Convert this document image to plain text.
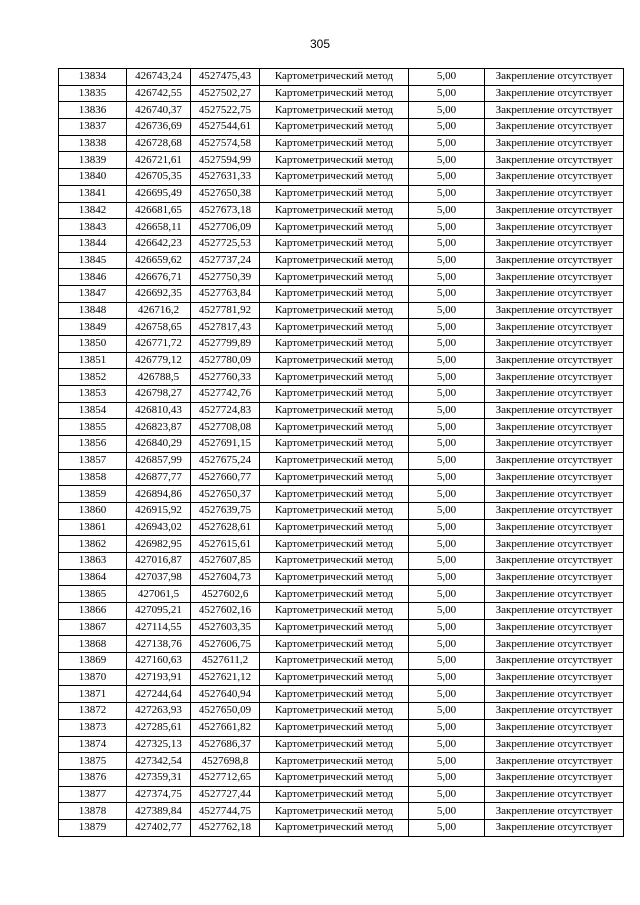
305
13834	426743,24	4527475,43	Картометрический метод	5,00	Закрепление отсутствует
13835	426742,55	4527502,27	Картометрический метод	5,00	Закрепление отсутствует
13836	426740,37	4527522,75	Картометрический метод	5,00	Закрепление отсутствует
13837	426736,69	4527544,61	Картометрический метод	5,00	Закрепление отсутствует
13838	426728,68	4527574,58	Картометрический метод	5,00	Закрепление отсутствует
13839	426721,61	4527594,99	Картометрический метод	5,00	Закрепление отсутствует
13840	426705,35	4527631,33	Картометрический метод	5,00	Закрепление отсутствует
13841	426695,49	4527650,38	Картометрический метод	5,00	Закрепление отсутствует
13842	426681,65	4527673,18	Картометрический метод	5,00	Закрепление отсутствует
13843	426658,11	4527706,09	Картометрический метод	5,00	Закрепление отсутствует
13844	426642,23	4527725,53	Картометрический метод	5,00	Закрепление отсутствует
13845	426659,62	4527737,24	Картометрический метод	5,00	Закрепление отсутствует
13846	426676,71	4527750,39	Картометрический метод	5,00	Закрепление отсутствует
13847	426692,35	4527763,84	Картометрический метод	5,00	Закрепление отсутствует
13848	426716,2	4527781,92	Картометрический метод	5,00	Закрепление отсутствует
13849	426758,65	4527817,43	Картометрический метод	5,00	Закрепление отсутствует
13850	426771,72	4527799,89	Картометрический метод	5,00	Закрепление отсутствует
13851	426779,12	4527780,09	Картометрический метод	5,00	Закрепление отсутствует
13852	426788,5	4527760,33	Картометрический метод	5,00	Закрепление отсутствует
13853	426798,27	4527742,76	Картометрический метод	5,00	Закрепление отсутствует
13854	426810,43	4527724,83	Картометрический метод	5,00	Закрепление отсутствует
13855	426823,87	4527708,08	Картометрический метод	5,00	Закрепление отсутствует
13856	426840,29	4527691,15	Картометрический метод	5,00	Закрепление отсутствует
13857	426857,99	4527675,24	Картометрический метод	5,00	Закрепление отсутствует
13858	426877,77	4527660,77	Картометрический метод	5,00	Закрепление отсутствует
13859	426894,86	4527650,37	Картометрический метод	5,00	Закрепление отсутствует
13860	426915,92	4527639,75	Картометрический метод	5,00	Закрепление отсутствует
13861	426943,02	4527628,61	Картометрический метод	5,00	Закрепление отсутствует
13862	426982,95	4527615,61	Картометрический метод	5,00	Закрепление отсутствует
13863	427016,87	4527607,85	Картометрический метод	5,00	Закрепление отсутствует
13864	427037,98	4527604,73	Картометрический метод	5,00	Закрепление отсутствует
13865	427061,5	4527602,6	Картометрический метод	5,00	Закрепление отсутствует
13866	427095,21	4527602,16	Картометрический метод	5,00	Закрепление отсутствует
13867	427114,55	4527603,35	Картометрический метод	5,00	Закрепление отсутствует
13868	427138,76	4527606,75	Картометрический метод	5,00	Закрепление отсутствует
13869	427160,63	4527611,2	Картометрический метод	5,00	Закрепление отсутствует
13870	427193,91	4527621,12	Картометрический метод	5,00	Закрепление отсутствует
13871	427244,64	4527640,94	Картометрический метод	5,00	Закрепление отсутствует
13872	427263,93	4527650,09	Картометрический метод	5,00	Закрепление отсутствует
13873	427285,61	4527661,82	Картометрический метод	5,00	Закрепление отсутствует
13874	427325,13	4527686,37	Картометрический метод	5,00	Закрепление отсутствует
13875	427342,54	4527698,8	Картометрический метод	5,00	Закрепление отсутствует
13876	427359,31	4527712,65	Картометрический метод	5,00	Закрепление отсутствует
13877	427374,75	4527727,44	Картометрический метод	5,00	Закрепление отсутствует
13878	427389,84	4527744,75	Картометрический метод	5,00	Закрепление отсутствует
13879	427402,77	4527762,18	Картометрический метод	5,00	Закрепление отсутствует
